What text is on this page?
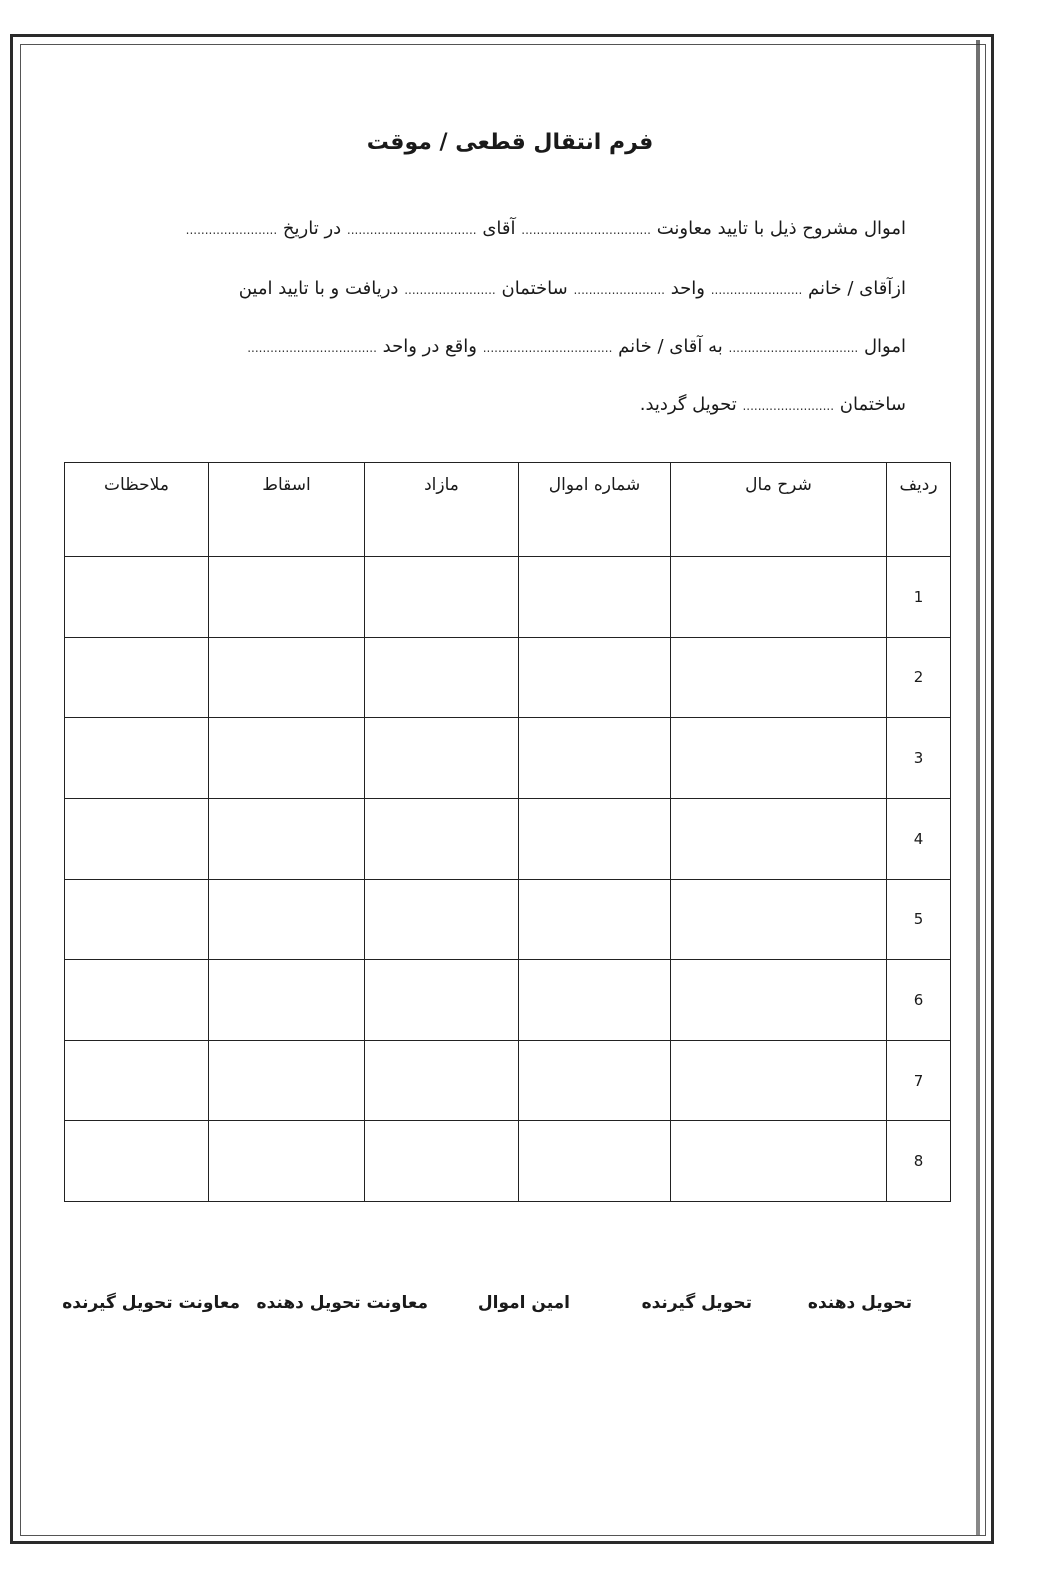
فرم انتقال قطعی / موقت
اموال مشروح ذیل با تایید معاونت .................................. آقای .................................. در تاریخ ........................
ازآقای / خانم ........................ واحد ........................ ساختمان ........................ دریافت و با تایید امین
اموال .................................. به آقای / خانم .................................. واقع در واحد ..................................
ساختمان ........................ تحویل گردید.
ردیف	شرح مال	شماره اموال	مازاد	اسقاط	ملاحظات
1					
2					
3					
4					
5					
6					
7					
8					
تحویل دهنده
تحویل گیرنده
امین اموال
معاونت تحویل دهنده
معاونت تحویل گیرنده
